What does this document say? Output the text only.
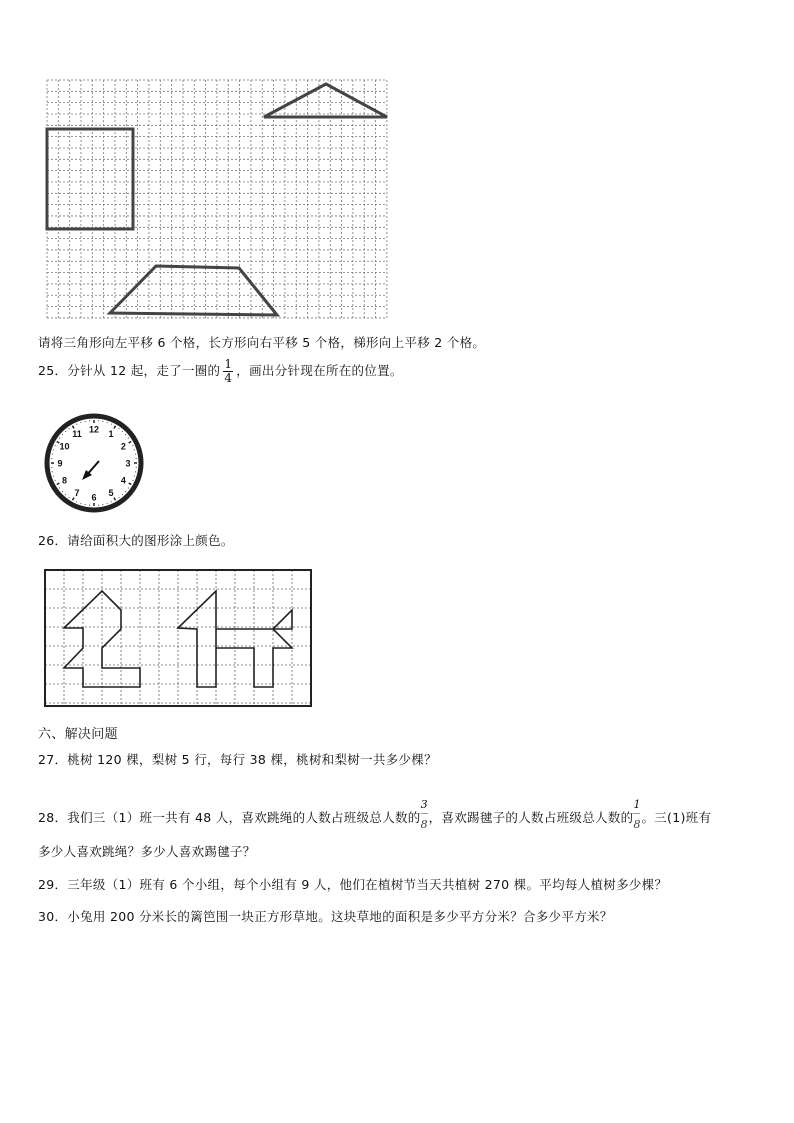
请将三角形向左平移 6 个格，长方形向右平移 5 个格，梯形向上平移 2 个格。
25．分针从 12 起，走了一圈的 $\frac{1}{4}$ ，画出分针现在所在的位置。
12 1
2
3
4
5
6
7
8
9
10
11
26．请给面积大的图形涂上颜色。
六、解决问题
27．桃树 120 棵，梨树 5 行，每行 38 棵，桃树和梨树一共多少棵？
28．我们三（1）班一共有 48 人，喜欢跳绳的人数占班级总人数的
$\frac{3}{8}$
，喜欢踢毽子的人数占班级总人数的
$\frac{1}{8}$
。三(1)班有
多少人喜欢跳绳？多少人喜欢踢毽子？
29．三年级（1）班有 6 个小组，每个小组有 9 人，他们在植树节当天共植树 270 棵。平均每人植树多少棵？
30．小兔用 200 分米长的篱笆围一块正方形草地。这块草地的面积是多少平方分米？合多少平方米？
